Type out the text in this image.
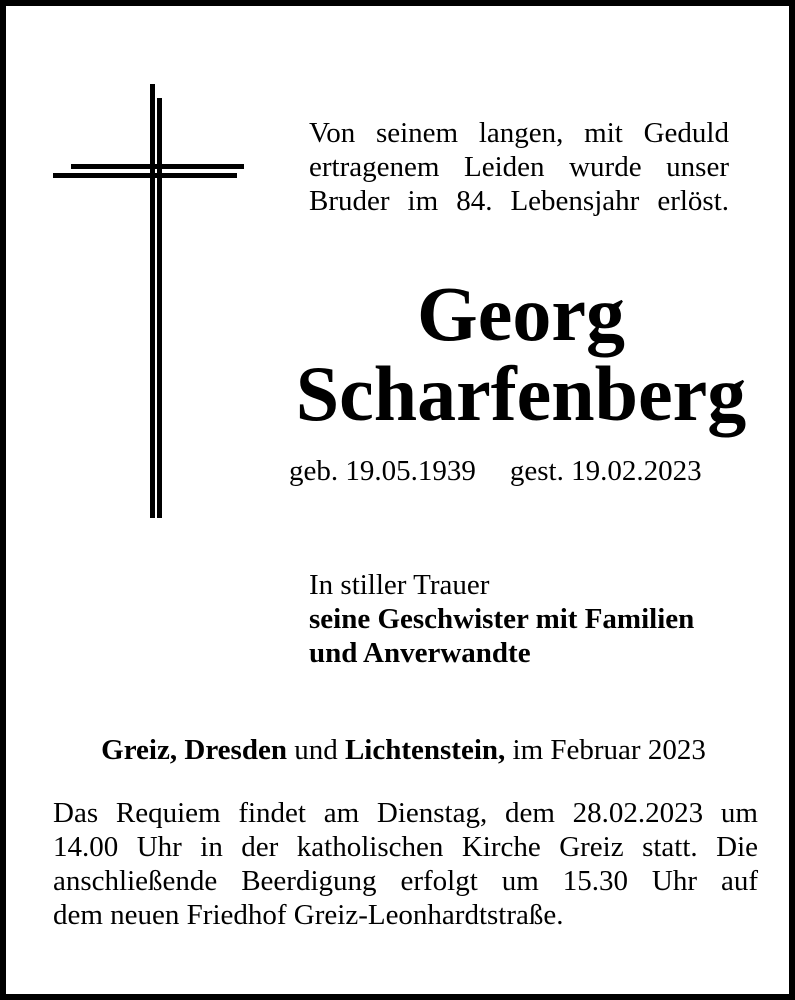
Von seinem langen, mit Geduld
ertragenem Leiden wurde unser
Bruder im 84. Lebensjahr erlöst.
Georg
Scharfenberg
geb. 19.05.1939 gest. 19.02.2023
In stiller Trauer
seine Geschwister mit Familien
und Anverwandte
Greiz, Dresden und Lichtenstein, im Februar 2023
Das Requiem findet am Dienstag, dem 28.02.2023 um
14.00 Uhr in der katholischen Kirche Greiz statt. Die
anschließende Beerdigung erfolgt um 15.30 Uhr auf
dem neuen Friedhof Greiz-Leonhardtstraße.
